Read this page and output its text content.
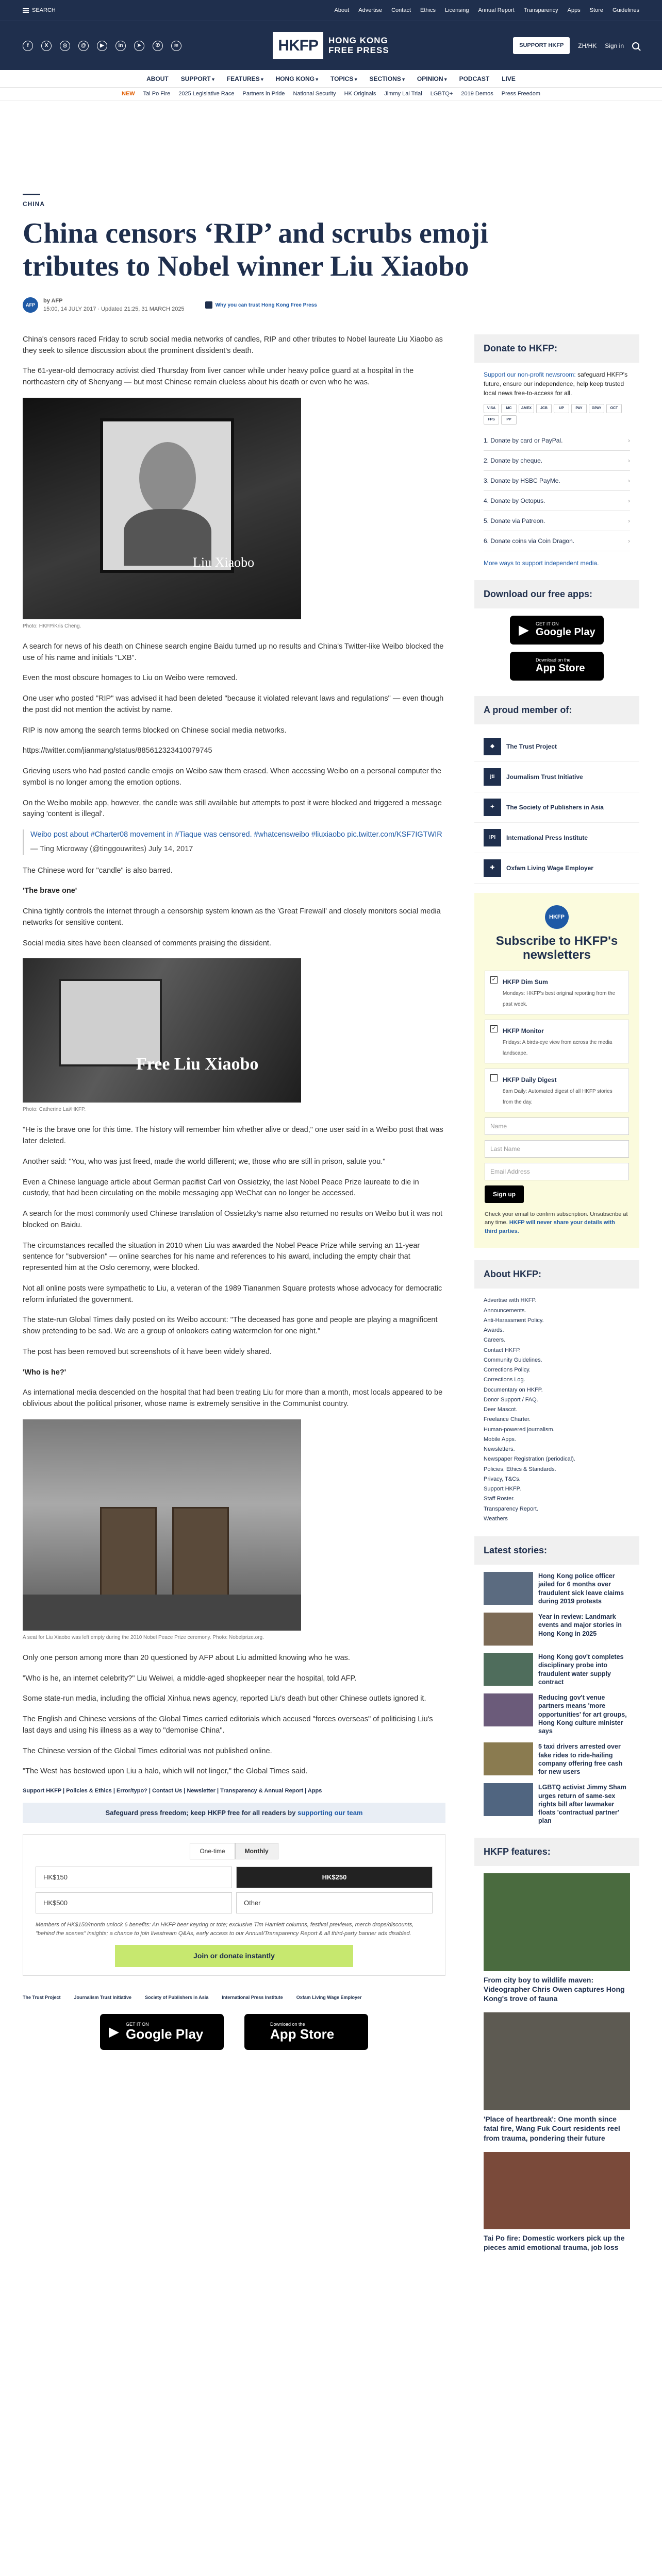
SEARCH	About Advertise Contact Ethics Licensing Annual Report Transparency Apps Store Guidelines
f	X	◎	@	▶	in	➤	✆	≋	HKFP	HONG KONG
FREE PRESS	SUPPORT HKFP	ZH/HK Sign in
ABOUT SUPPORT ▾	FEATURES ▾	HONG KONG ▾	TOPICS ▾	SECTIONS ▾	OPINION ▾	PODCAST LIVE
NEW Tai Po Fire 2025 Legislative Race Partners in Pride National Security HK Originals Jimmy Lai Trial LGBTQ+ 2019 Demos Press Freedom
CHINA
China censors ‘RIP’ and scrubs emoji tributes to Nobel winner Liu Xiaobo
AFP
by AFP
15:00, 14 JULY 2017 · Updated 21:25, 31 MARCH 2025
Why you can trust Hong Kong Free Press

China's censors raced Friday to scrub social media networks of candles, RIP and other tributes to Nobel laureate Liu Xiaobo as they seek to silence discussion about the prominent dissident's death.

The 61-year-old democracy activist died Thursday from liver cancer while under heavy police guard at a hospital in the northeastern city of Shenyang — but most Chinese remain clueless about his death or even who he was.

Liu Xiaobo
Photo: HKFP/Kris Cheng.

A search for news of his death on Chinese search engine Baidu turned up no results and China's Twitter-like Weibo blocked the use of his name and initials "LXB".

Even the most obscure homages to Liu on Weibo were removed.

One user who posted "RIP" was advised it had been deleted "because it violated relevant laws and regulations" — even though the post did not mention the activist by name.

RIP is now among the search terms blocked on Chinese social media networks.

https://twitter.com/jianmang/status/885612323410079745

Grieving users who had posted candle emojis on Weibo saw them erased. When accessing Weibo on a personal computer the symbol is no longer among the emotion options.

On the Weibo mobile app, however, the candle was still available but attempts to post it were blocked and triggered a message saying 'content is illegal'.

Weibo post about #Charter08 movement in #Tiaque was censored. #whatcensweibo #liuxiaobo pic.twitter.com/KSF7IGTWIR

— Ting Microway (@tinggouwrites) July 14, 2017

The Chinese word for "candle" is also barred.

'The brave one'

China tightly controls the internet through a censorship system known as the 'Great Firewall' and closely monitors social media networks for sensitive content.

Social media sites have been cleansed of comments praising the dissident.

Free Liu Xiaobo
Photo: Catherine Lai/HKFP.

"He is the brave one for this time. The history will remember him whether alive or dead," one user said in a Weibo post that was later deleted.

Another said: "You, who was just freed, made the world different; we, those who are still in prison, salute you."

Even a Chinese language article about German pacifist Carl von Ossietzky, the last Nobel Peace Prize laureate to die in custody, that had been circulating on the mobile messaging app WeChat can no longer be accessed.

A search for the most commonly used Chinese translation of Ossietzky's name also returned no results on Weibo but it was not blocked on Baidu.

The circumstances recalled the situation in 2010 when Liu was awarded the Nobel Peace Prize while serving an 11-year sentence for "subversion" — online searches for his name and references to his award, including the empty chair that represented him at the Oslo ceremony, were blocked.

Not all online posts were sympathetic to Liu, a veteran of the 1989 Tiananmen Square protests whose advocacy for democratic reform infuriated the government.

The state-run Global Times daily posted on its Weibo account: "The deceased has gone and people are playing a magnificent show pretending to be sad. We are a group of onlookers eating watermelon for one night."

The post has been removed but screenshots of it have been widely shared.

'Who is he?'

As international media descended on the hospital that had been treating Liu for more than a month, most locals appeared to be oblivious about the political prisoner, whose name is extremely sensitive in the Communist country.

A seat for Liu Xiaobo was left empty during the 2010 Nobel Peace Prize ceremony. Photo: Nobelprize.org.

Only one person among more than 20 questioned by AFP about Liu admitted knowing who he was.

"Who is he, an internet celebrity?" Liu Weiwei, a middle-aged shopkeeper near the hospital, told AFP.

Some state-run media, including the official Xinhua news agency, reported Liu's death but other Chinese outlets ignored it.

The English and Chinese versions of the Global Times carried editorials which accused "forces overseas" of politicising Liu's last days and using his illness as a way to "demonise China".

The Chinese version of the Global Times editorial was not published online.

"The West has bestowed upon Liu a halo, which will not linger," the Global Times said.

Support HKFP | Policies & Ethics | Error/typo? | Contact Us | Newsletter | Transparency & Annual Report | Apps
Safeguard press freedom; keep HKFP free for all readers by supporting our team
One-time	Monthly
HK$150	HK$250
HK$500	Other
Members of HK$150/month unlock 6 benefits: An HKFP beer keyring or tote; exclusive Tim Hamlett columns, festival previews, merch drops/discounts, "behind the scenes" insights; a chance to join livestream Q&As, early access to our Annual/Transparency Report & all third-party banner ads disabled.
Join or donate instantly
The Trust Project	Journalism Trust Initiative	Society of Publishers in Asia	International Press Institute	Oxfam Living Wage Employer
▶	GET IT ON
Google Play
Download on the
App Store
Donate to HKFP:

Support our non-profit newsroom: safeguard HKFP's future, ensure our independence, help keep trusted local news free-to-access for all.

VISA	MC	AMEX	JCB	UP	PAY	GPAY	OCT
FPS	PP
1. Donate by card or PayPal.
›
2. Donate by cheque.
›
3. Donate by HSBC PayMe.
›
4. Donate by Octopus.
›
5. Donate via Patreon.
›
6. Donate coins via Coin Dragon.
›

More ways to support independent media.

Download our free apps:
▶	GET IT ON
Google Play
Download on the
App Store
A proud member of:
◆	The Trust Project
jti	Journalism Trust Initiative
✦	The Society of Publishers in Asia
IPI	International Press Institute
✚	Oxfam Living Wage Employer
HKFP
Subscribe to HKFP's newsletters
✓ HKFP Dim Sum
Mondays: HKFP's best original reporting from the past week.
✓ HKFP Monitor
Fridays: A birds-eye view from across the media landscape.
HKFP Daily Digest
8am Daily: Automated digest of all HKFP stories from the day.
Name
Last Name
Email Address
Sign up

Check your email to confirm subscription. Unsubscribe at any time. HKFP will never share your details with third parties.

About HKFP:
Advertise with HKFP.
Announcements.
Anti-Harassment Policy.
Awards.
Careers.
Contact HKFP.
Community Guidelines.
Corrections Policy.
Corrections Log.
Documentary on HKFP.
Donor Support / FAQ.
Deer Mascot.
Freelance Charter.
Human-powered journalism.
Mobile Apps.
Newsletters.
Newspaper Registration (periodical).
Policies, Ethics & Standards.
Privacy, T&Cs.
Support HKFP.
Staff Roster.
Transparency Report.
Weathers
Latest stories:
Hong Kong police officer jailed for 6 months over fraudulent sick leave claims during 2019 protests
Year in review: Landmark events and major stories in Hong Kong in 2025
Hong Kong gov't completes disciplinary probe into fraudulent water supply contract
Reducing gov't venue partners means 'more opportunities' for art groups, Hong Kong culture minister says
5 taxi drivers arrested over fake rides to ride-hailing company offering free cash for new users
LGBTQ activist Jimmy Sham urges return of same-sex rights bill after lawmaker floats 'contractual partner' plan
HKFP features:
From city boy to wildlife maven: Videographer Chris Owen captures Hong Kong's trove of fauna
'Place of heartbreak': One month since fatal fire, Wang Fuk Court residents reel from trauma, pondering their future
Tai Po fire: Domestic workers pick up the pieces amid emotional trauma, job loss
